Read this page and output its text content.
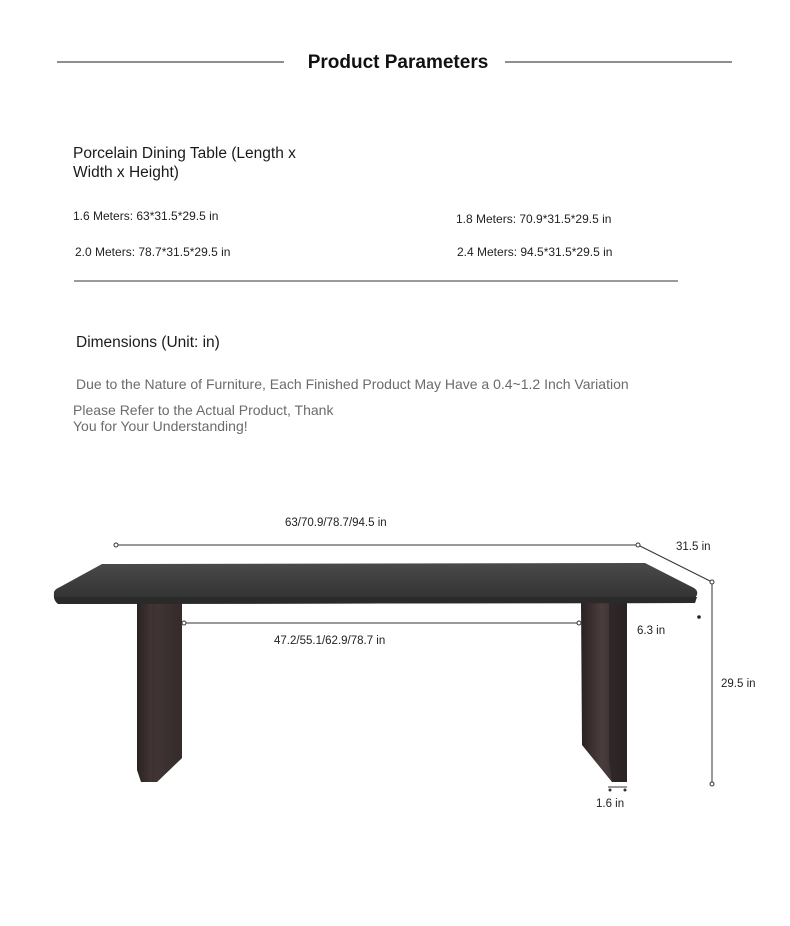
Product Parameters
Porcelain Dining Table (Length x
Width x Height)
1.6 Meters: 63*31.5*29.5 in	1.8 Meters: 70.9*31.5*29.5 in
2.0 Meters: 78.7*31.5*29.5 in	2.4 Meters: 94.5*31.5*29.5 in
Dimensions (Unit: in)
Due to the Nature of Furniture, Each Finished Product May Have a 0.4~1.2 Inch Variation
Please Refer to the Actual Product, Thank
You for Your Understanding!
63/70.9/78.7/94.5 in
31.5 in
47.2/55.1/62.9/78.7 in
6.3 in
29.5 in
1.6 in
